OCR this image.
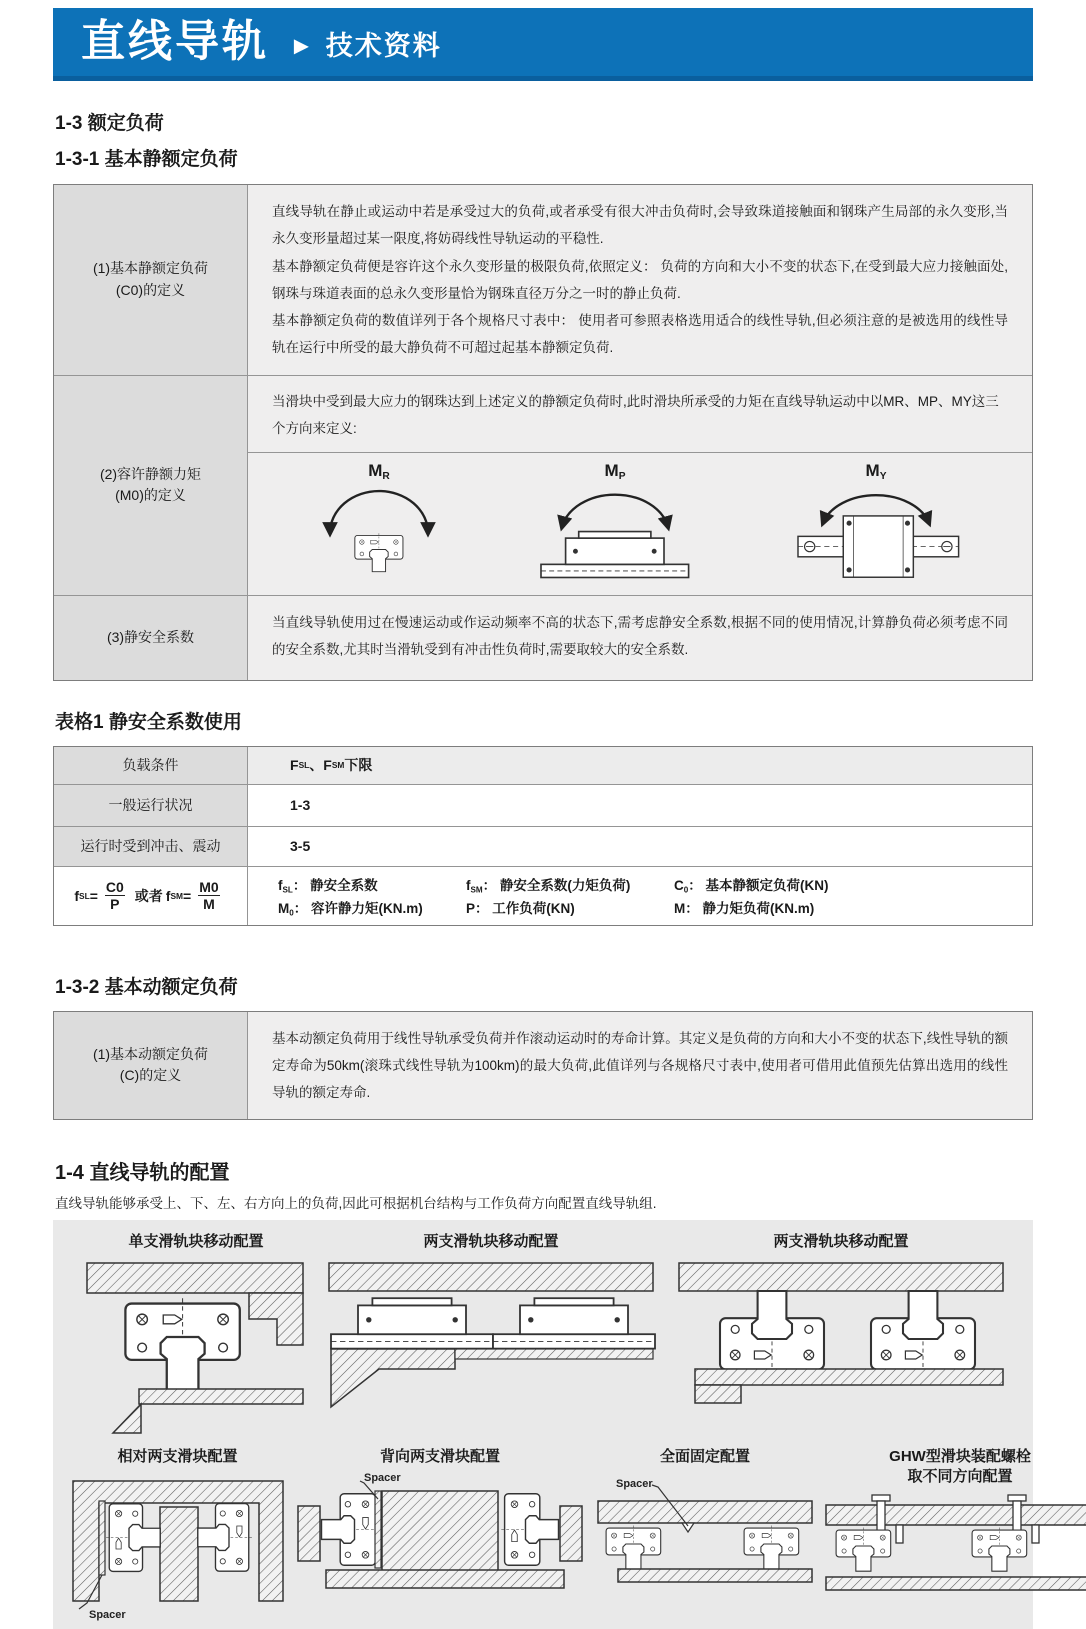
直线导轨 ► 技术资料
1-3 额定负荷
1-3-1 基本静额定负荷
(1)基本静额定负荷
(C0)的定义

直线导轨在静止或运动中若是承受过大的负荷,或者承受有很大冲击负荷时,会导致珠道接触面和钢珠产生局部的永久变形,当永久变形量超过某一限度,将妨碍线性导轨运动的平稳性.

基本静额定负荷便是容许这个永久变形量的极限负荷,依照定义： 负荷的方向和大小不变的状态下,在受到最大应力接触面处,钢珠与珠道表面的总永久变形量恰为钢珠直径万分之一时的静止负荷.

基本静额定负荷的数值详列于各个规格尺寸表中： 使用者可参照表格选用适合的线性导轨,但必须注意的是被选用的线性导轨在运行中所受的最大静负荷不可超过起基本静额定负荷.

(2)容许静额力矩
(M0)的定义
当滑块中受到最大应力的钢珠达到上述定义的静额定负荷时,此时滑块所承受的力矩在直线导轨运动中以MR、MP、MY这三个方向来定义:
MR	MP	MY
(3)静安全系数

当直线导轨使用过在慢速运动或作运动频率不高的状态下,需考虑静安全系数,根据不同的使用情况,计算静负荷必须考虑不同的安全系数,尤其时当滑轨受到有冲击性负荷时,需要取较大的安全系数.

表格1 静安全系数使用
负载条件	F SL 、 F SM 下限
一般运行状况	1-3
运行时受到冲击、震动	3-5
f SL = $\frac{C0}{P}$ 或者 f SM = $\frac{M0}{M}$	fSL： 静安全系数	fSM： 静安全系数(力矩负荷)	C0： 基本静额定负荷(KN)
M0： 容许静力矩(KN.m)	P： 工作负荷(KN)	M： 静力矩负荷(KN.m)
1-3-2 基本动额定负荷
(1)基本动额定负荷
(C)的定义

基本动额定负荷用于线性导轨承受负荷并作滚动运动时的寿命计算。其定义是负荷的方向和大小不变的状态下,线性导轨的额定寿命为50km(滚珠式线性导轨为100km)的最大负荷,此值详列与各规格尺寸表中,使用者可借用此值预先估算出选用的线性导轨的额定寿命.

1-4 直线导轨的配置

直线导轨能够承受上、下、左、右方向上的负荷,因此可根据机台结构与工作负荷方向配置直线导轨组.

单支滑轨块移动配置	两支滑轨块移动配置	两支滑轨块移动配置
相对两支滑块配置
Spacer
背向两支滑块配置
Spacer
全面固定配置
Spacer
GHW型滑块装配螺栓
取不同方向配置
